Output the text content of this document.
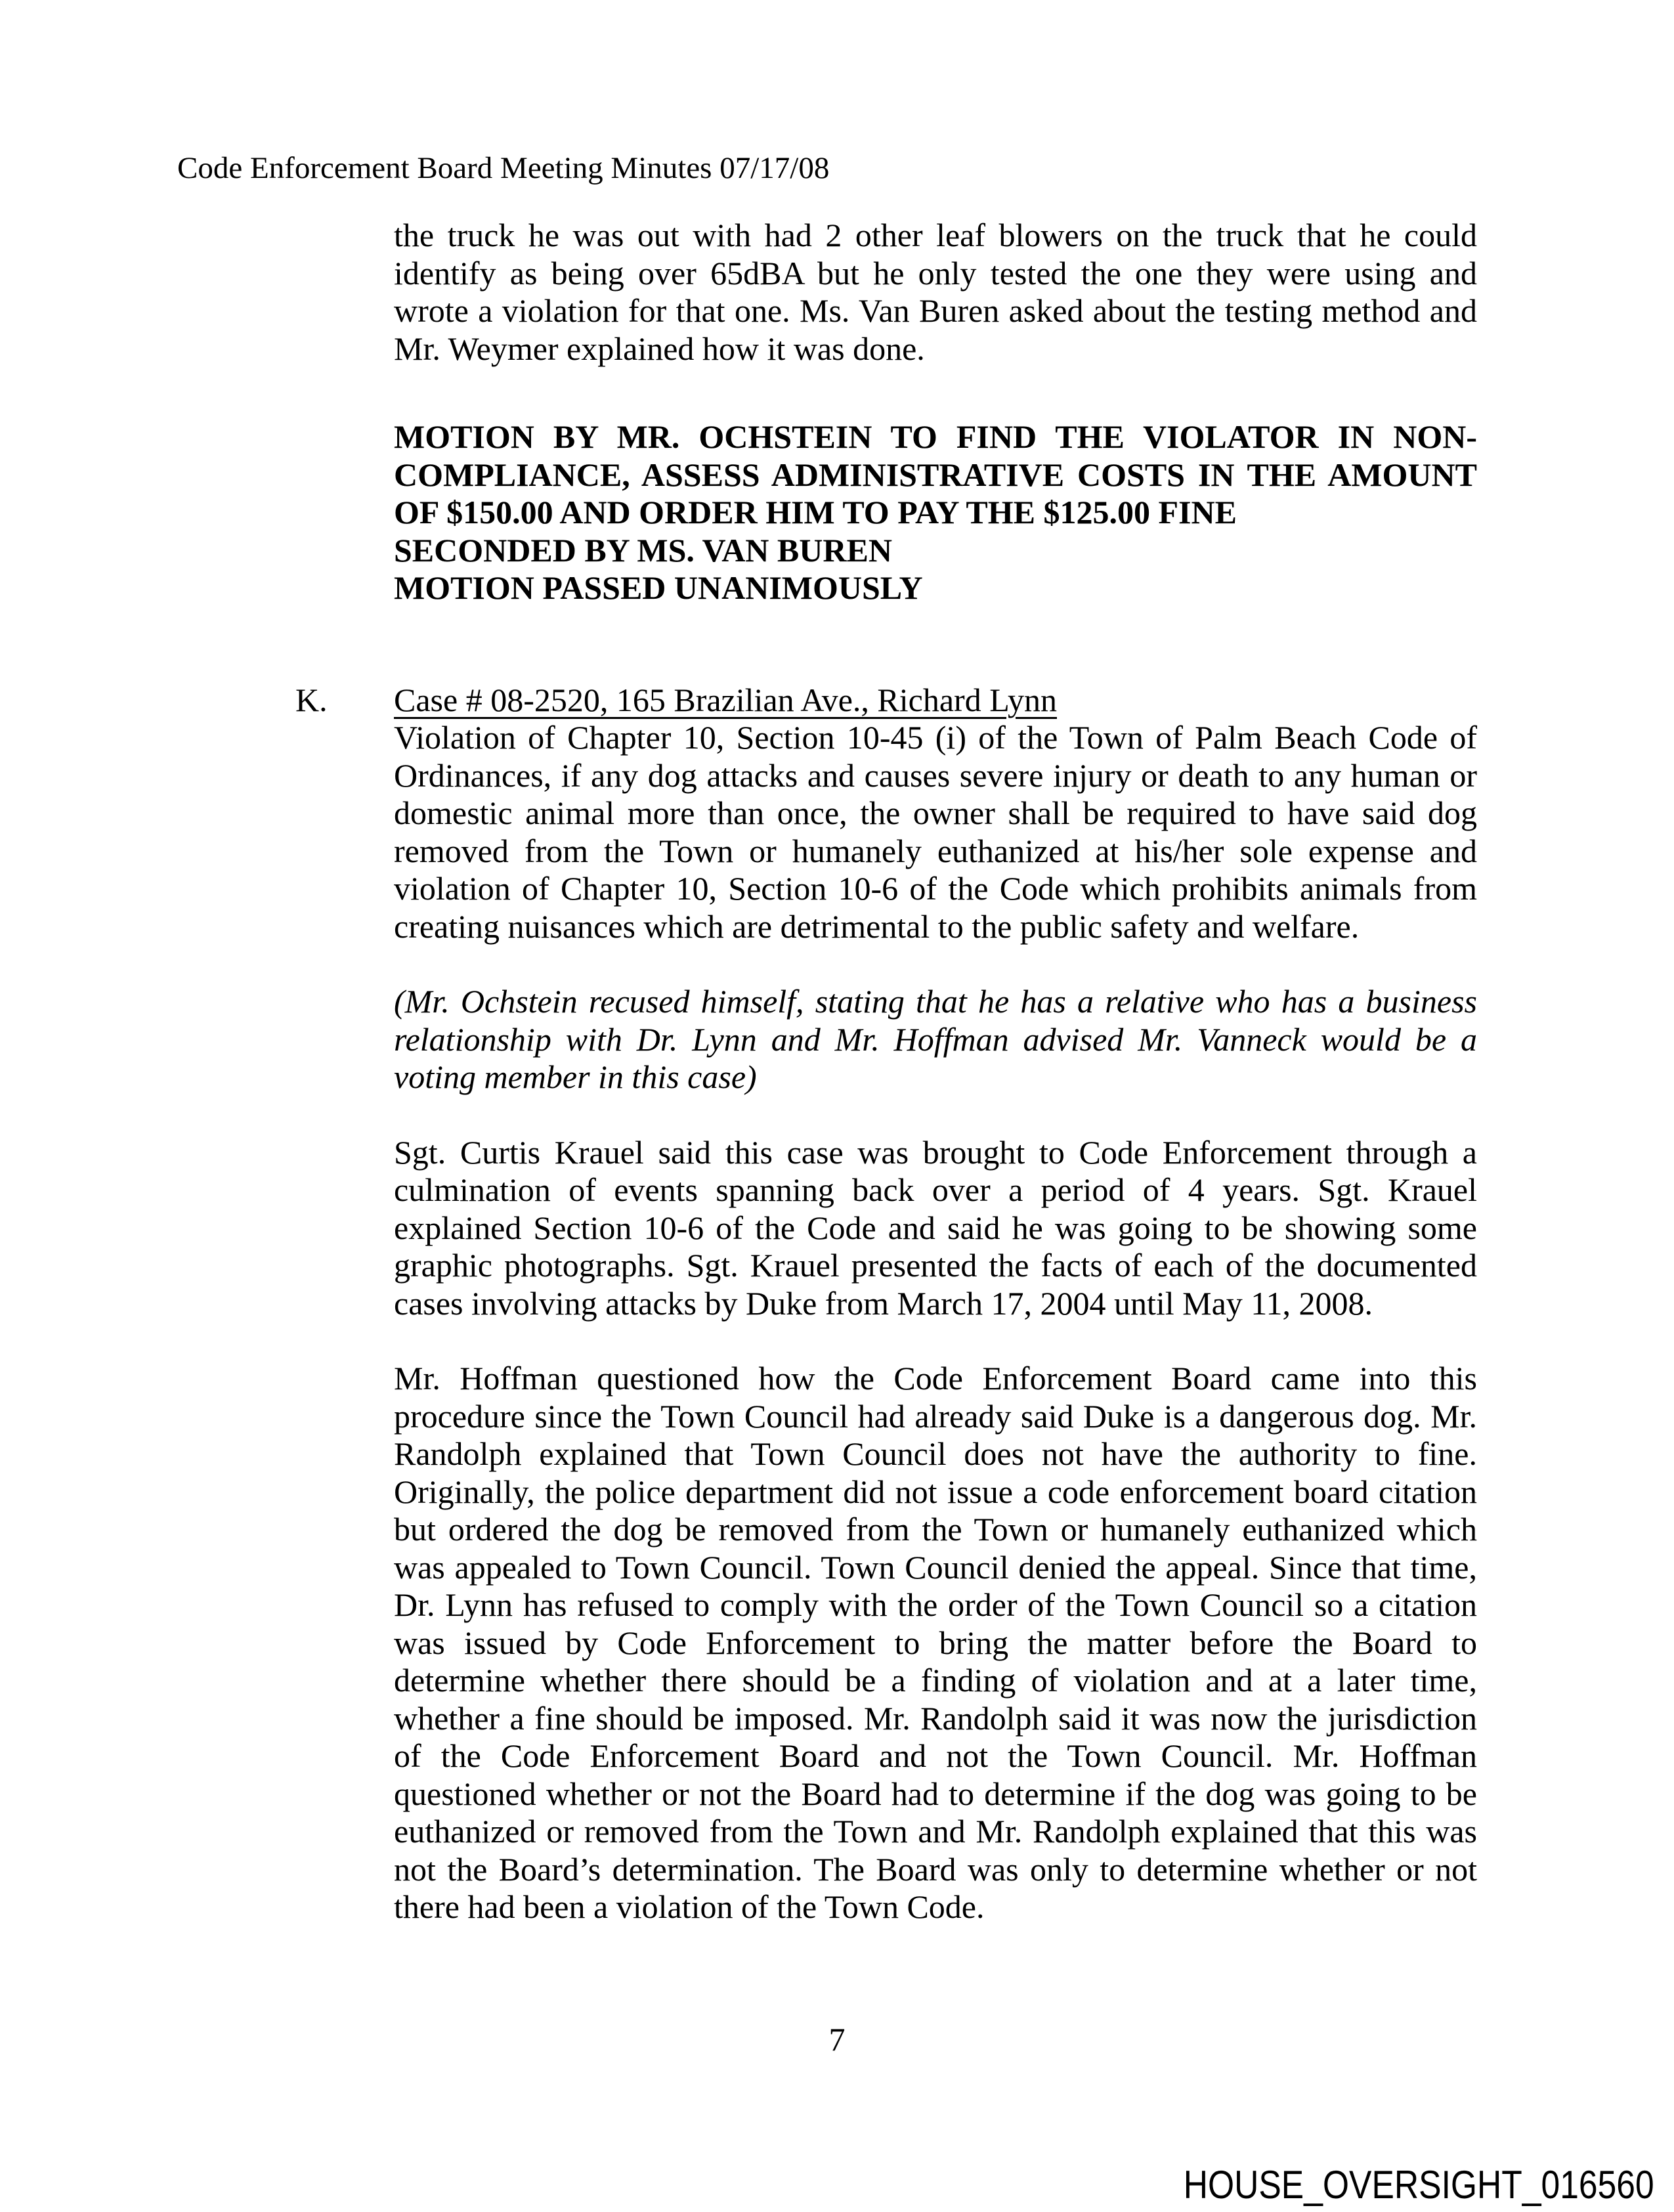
Code Enforcement Board Meeting Minutes 07/17/08

the truck he was out with had 2 other leaf blowers on the truck that he could identify as being over 65dBA but he only tested the one they were using and wrote a violation for that one. Ms. Van Buren asked about the testing method and Mr. Weymer explained how it was done.

MOTION BY MR. OCHSTEIN TO FIND THE VIOLATOR IN NON-COMPLIANCE, ASSESS ADMINISTRATIVE COSTS IN THE AMOUNT OF $150.00 AND ORDER HIM TO PAY THE $125.00 FINE
SECONDED BY MS. VAN BUREN
MOTION PASSED UNANIMOUSLY
K.	Case # 08-2520, 165 Brazilian Ave., Richard Lynn

Violation of Chapter 10, Section 10-45 (i) of the Town of Palm Beach Code of Ordinances, if any dog attacks and causes severe injury or death to any human or domestic animal more than once, the owner shall be required to have said dog removed from the Town or humanely euthanized at his/her sole expense and violation of Chapter 10, Section 10-6 of the Code which prohibits animals from creating nuisances which are detrimental to the public safety and welfare.

(Mr. Ochstein recused himself, stating that he has a relative who has a business relationship with Dr. Lynn and Mr. Hoffman advised Mr. Vanneck would be a voting member in this case)

Sgt. Curtis Krauel said this case was brought to Code Enforcement through a culmination of events spanning back over a period of 4 years. Sgt. Krauel explained Section 10-6 of the Code and said he was going to be showing some graphic photographs. Sgt. Krauel presented the facts of each of the documented cases involving attacks by Duke from March 17, 2004 until May 11, 2008.

Mr. Hoffman questioned how the Code Enforcement Board came into this procedure since the Town Council had already said Duke is a dangerous dog. Mr. Randolph explained that Town Council does not have the authority to fine. Originally, the police department did not issue a code enforcement board citation but ordered the dog be removed from the Town or humanely euthanized which was appealed to Town Council. Town Council denied the appeal. Since that time, Dr. Lynn has refused to comply with the order of the Town Council so a citation was issued by Code Enforcement to bring the matter before the Board to determine whether there should be a finding of violation and at a later time, whether a fine should be imposed. Mr. Randolph said it was now the jurisdiction of the Code Enforcement Board and not the Town Council. Mr. Hoffman questioned whether or not the Board had to determine if the dog was going to be euthanized or removed from the Town and Mr. Randolph explained that this was not the Board’s determination. The Board was only to determine whether or not there had been a violation of the Town Code.

7
HOUSE_OVERSIGHT_016560
